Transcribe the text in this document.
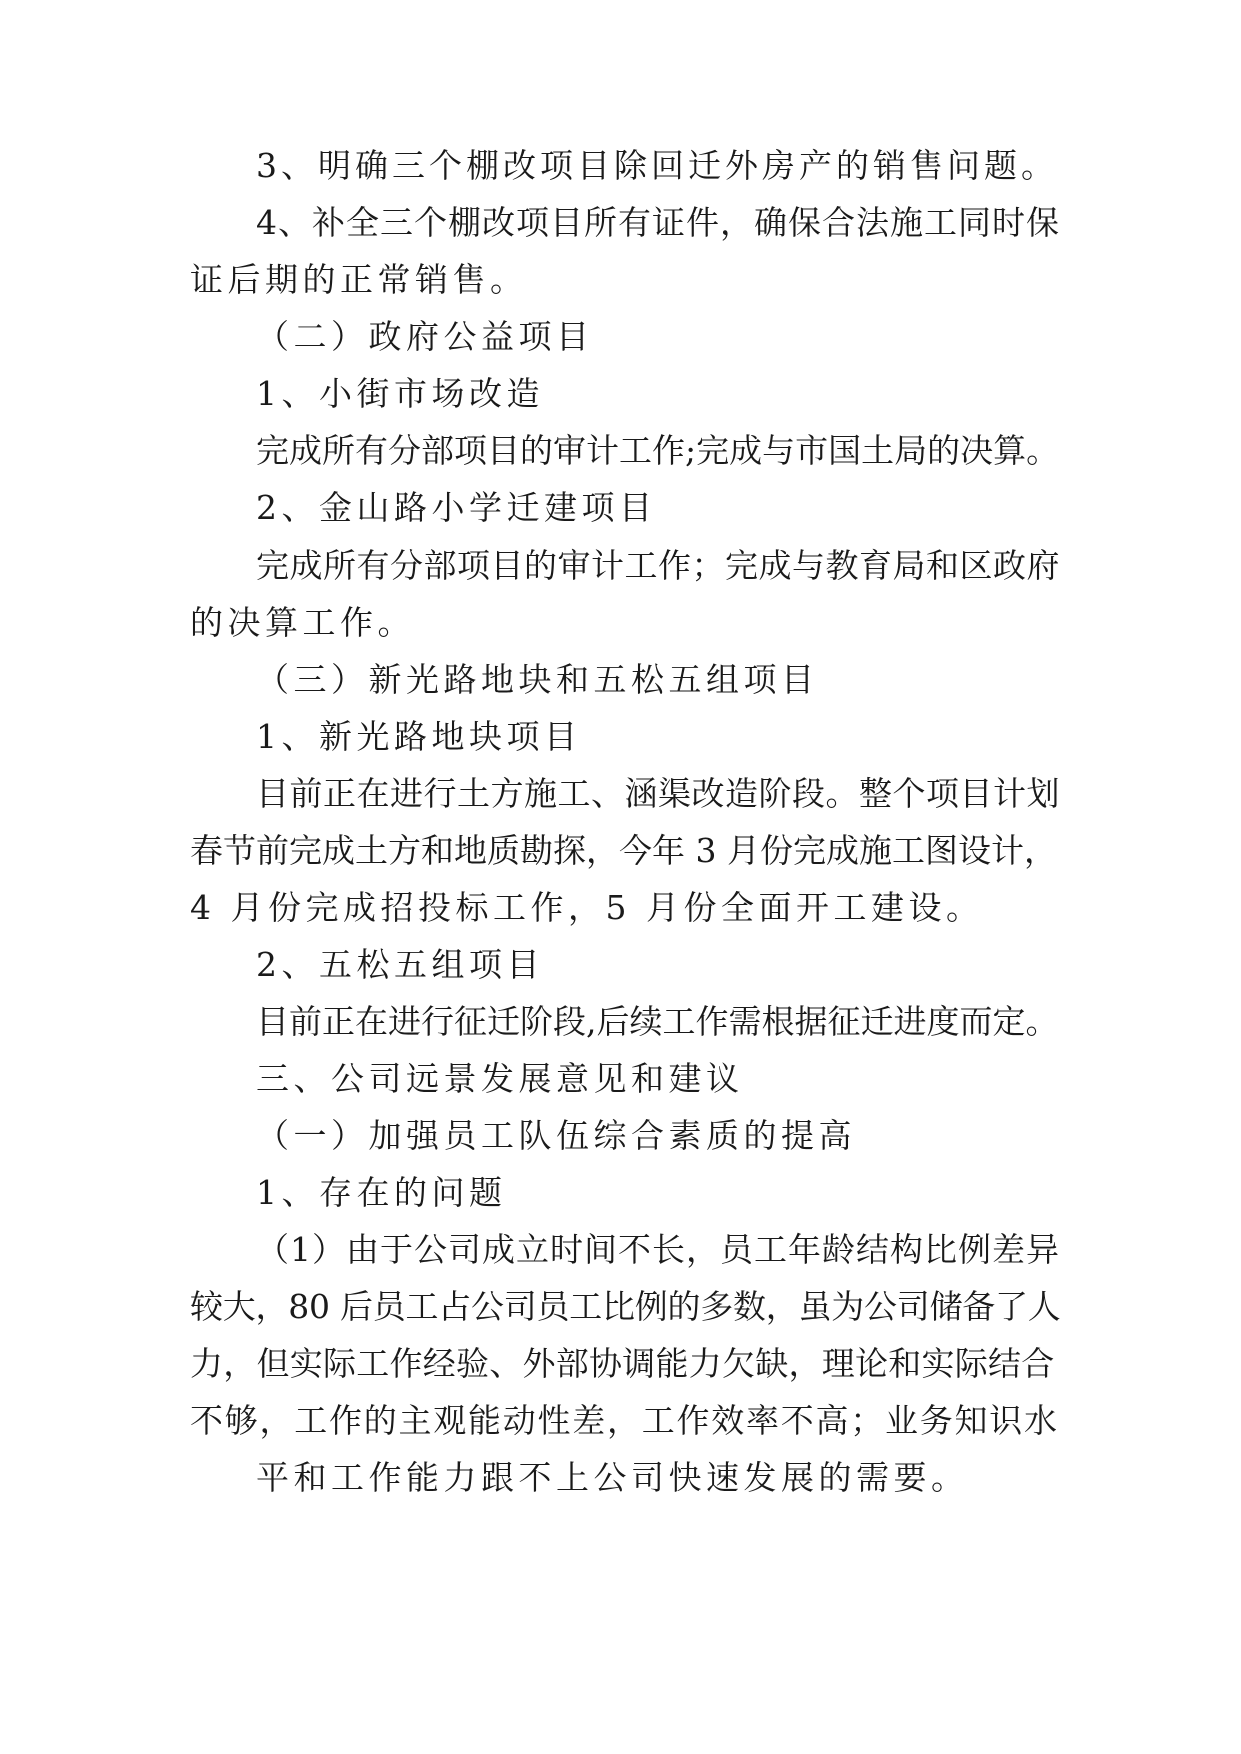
3、明确三个棚改项目除回迁外房产的销售问题。
4、补全三个棚改项目所有证件，确保合法施工同时保
证后期的正常销售。
（二）政府公益项目
1、小街市场改造
完成所有分部项目的审计工作;完成与市国土局的决算。
2、金山路小学迁建项目
完成所有分部项目的审计工作；完成与教育局和区政府
的决算工作。
（三）新光路地块和五松五组项目
1、新光路地块项目
目前正在进行土方施工、涵渠改造阶段。整个项目计划
春节前完成土方和地质勘探，今年 3 月份完成施工图设计，
4 月份完成招投标工作，5 月份全面开工建设。
2、五松五组项目
目前正在进行征迁阶段,后续工作需根据征迁进度而定。
三、公司远景发展意见和建议
（一）加强员工队伍综合素质的提高
1、存在的问题
（1）由于公司成立时间不长，员工年龄结构比例差异
较大，80 后员工占公司员工比例的多数，虽为公司储备了人
力，但实际工作经验、外部协调能力欠缺，理论和实际结合
不够，工作的主观能动性差，工作效率不高；业务知识水
平和工作能力跟不上公司快速发展的需要。
